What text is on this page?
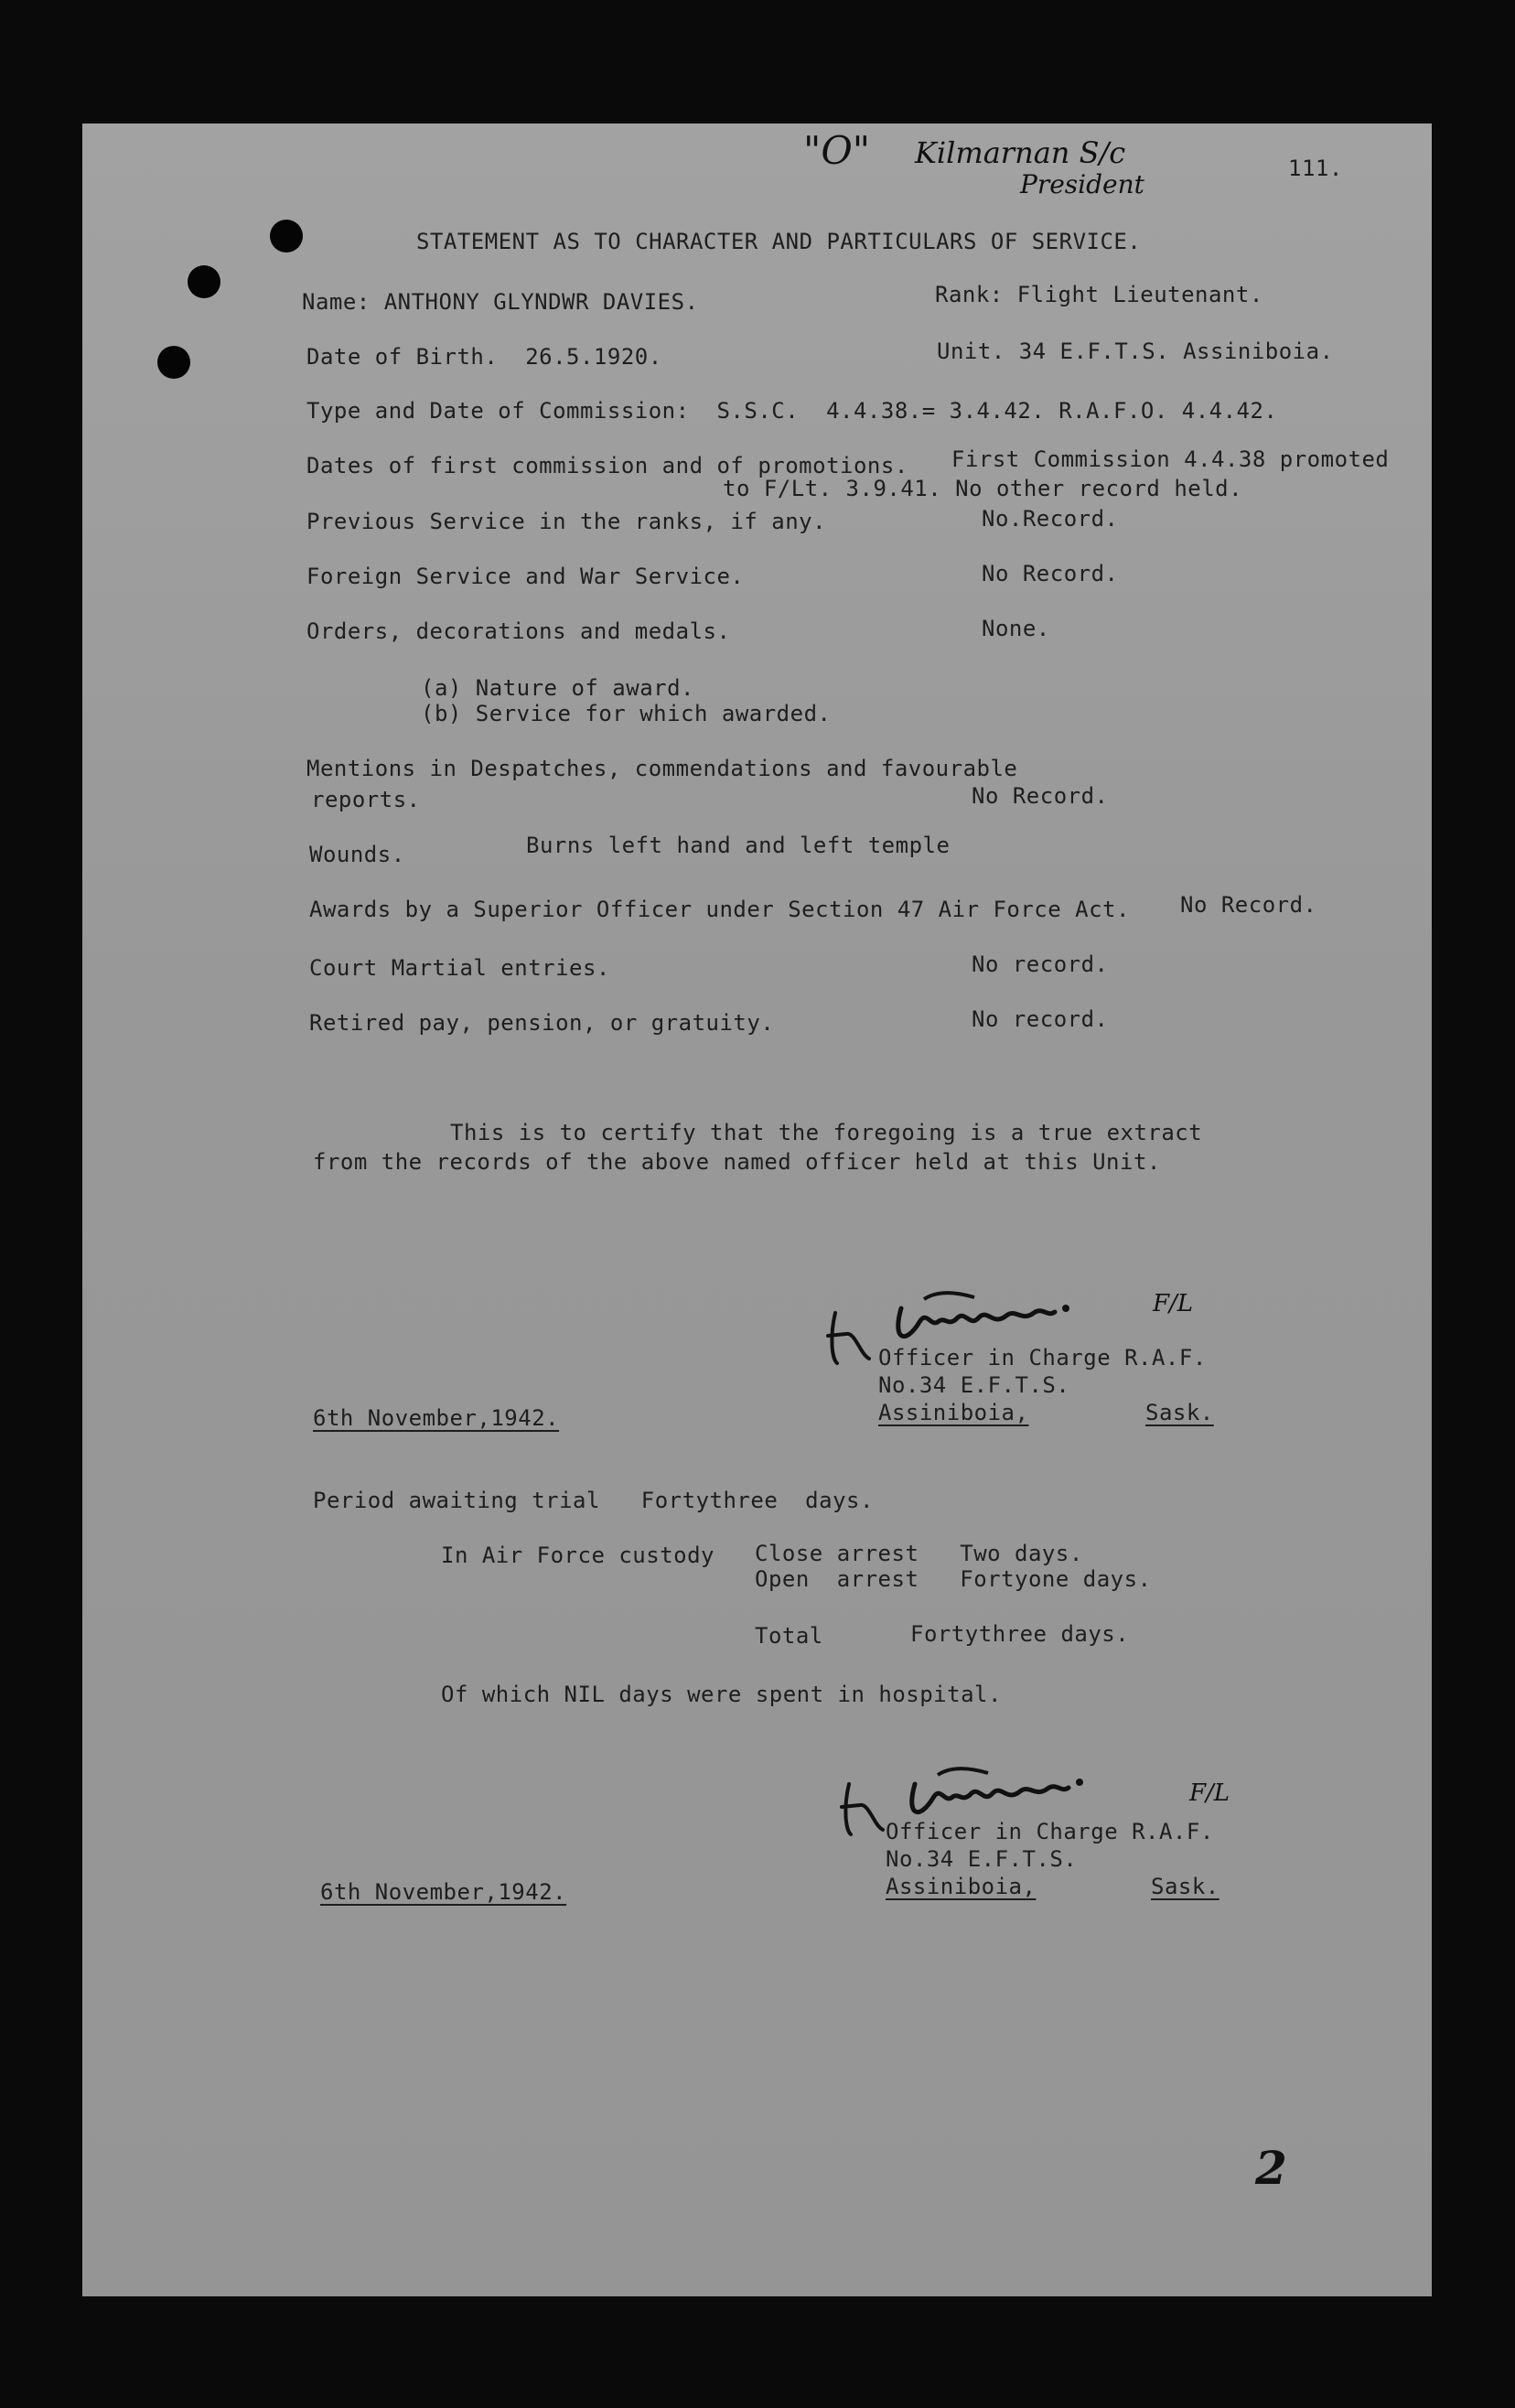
"O" Kilmarnan S/c
President
111.
STATEMENT AS TO CHARACTER AND PARTICULARS OF SERVICE.
Name: ANTHONY GLYNDWR DAVIES.	Rank: Flight Lieutenant.
Date of Birth.  26.5.1920.	Unit. 34 E.F.T.S. Assiniboia.
Type and Date of Commission:  S.S.C.  4.4.38.= 3.4.42. R.A.F.O. 4.4.42.
Dates of first commission and of promotions. First Commission 4.4.38 promoted
to F/Lt. 3.9.41. No other record held.
Previous Service in the ranks, if any.	No.Record.
Foreign Service and War Service.	No Record.
Orders, decorations and medals.	None.
(a) Nature of award.
(b) Service for which awarded.
Mentions in Despatches, commendations and favourable
reports.	No Record.
Wounds.	Burns left hand and left temple
Awards by a Superior Officer under Section 47 Air Force Act. No Record.
Court Martial entries.	No record.
Retired pay, pension, or gratuity.	No record.
This is to certify that the foregoing is a true extract
from the records of the above named officer held at this Unit.
F/L
Officer in Charge R.A.F.
No.34 E.F.T.S.
Assiniboia,	Sask.
6th November,1942.
Period awaiting trial   Fortythree  days.
In Air Force custody Close arrest   Two days.
Open  arrest   Fortyone days.
Total	Fortythree days.
Of which NIL days were spent in hospital.
F/L
Officer in Charge R.A.F.
No.34 E.F.T.S.
Assiniboia,	Sask.
6th November,1942.
2
